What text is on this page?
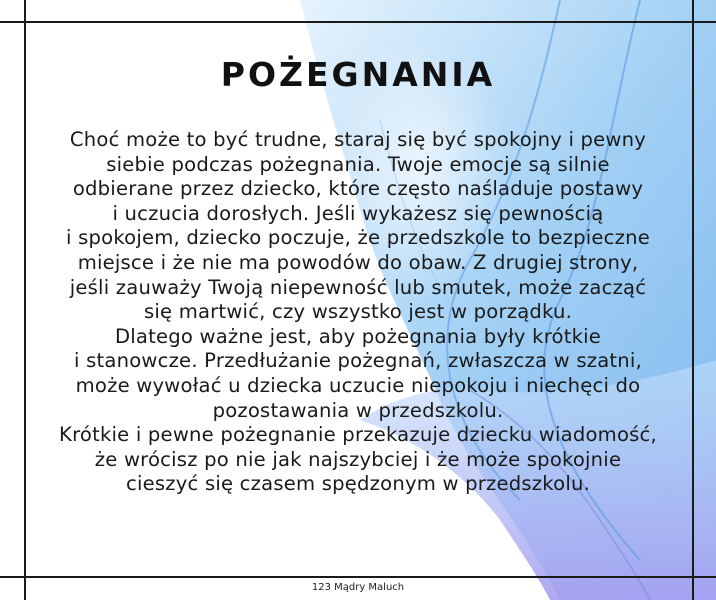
POŻEGNANIA
Choć może to być trudne, staraj się być spokojny i pewny
siebie podczas pożegnania. Twoje emocje są silnie
odbierane przez dziecko, które często naśladuje postawy
i uczucia dorosłych. Jeśli wykażesz się pewnością
i spokojem, dziecko poczuje, że przedszkole to bezpieczne
miejsce i że nie ma powodów do obaw. Z drugiej strony,
jeśli zauważy Twoją niepewność lub smutek, może zacząć
się martwić, czy wszystko jest w porządku.
Dlatego ważne jest, aby pożegnania były krótkie
i stanowcze. Przedłużanie pożegnań, zwłaszcza w szatni,
może wywołać u dziecka uczucie niepokoju i niechęci do
pozostawania w przedszkolu.
Krótkie i pewne pożegnanie przekazuje dziecku wiadomość,
że wrócisz po nie jak najszybciej i że może spokojnie
cieszyć się czasem spędzonym w przedszkolu.
123 Mądry Maluch
